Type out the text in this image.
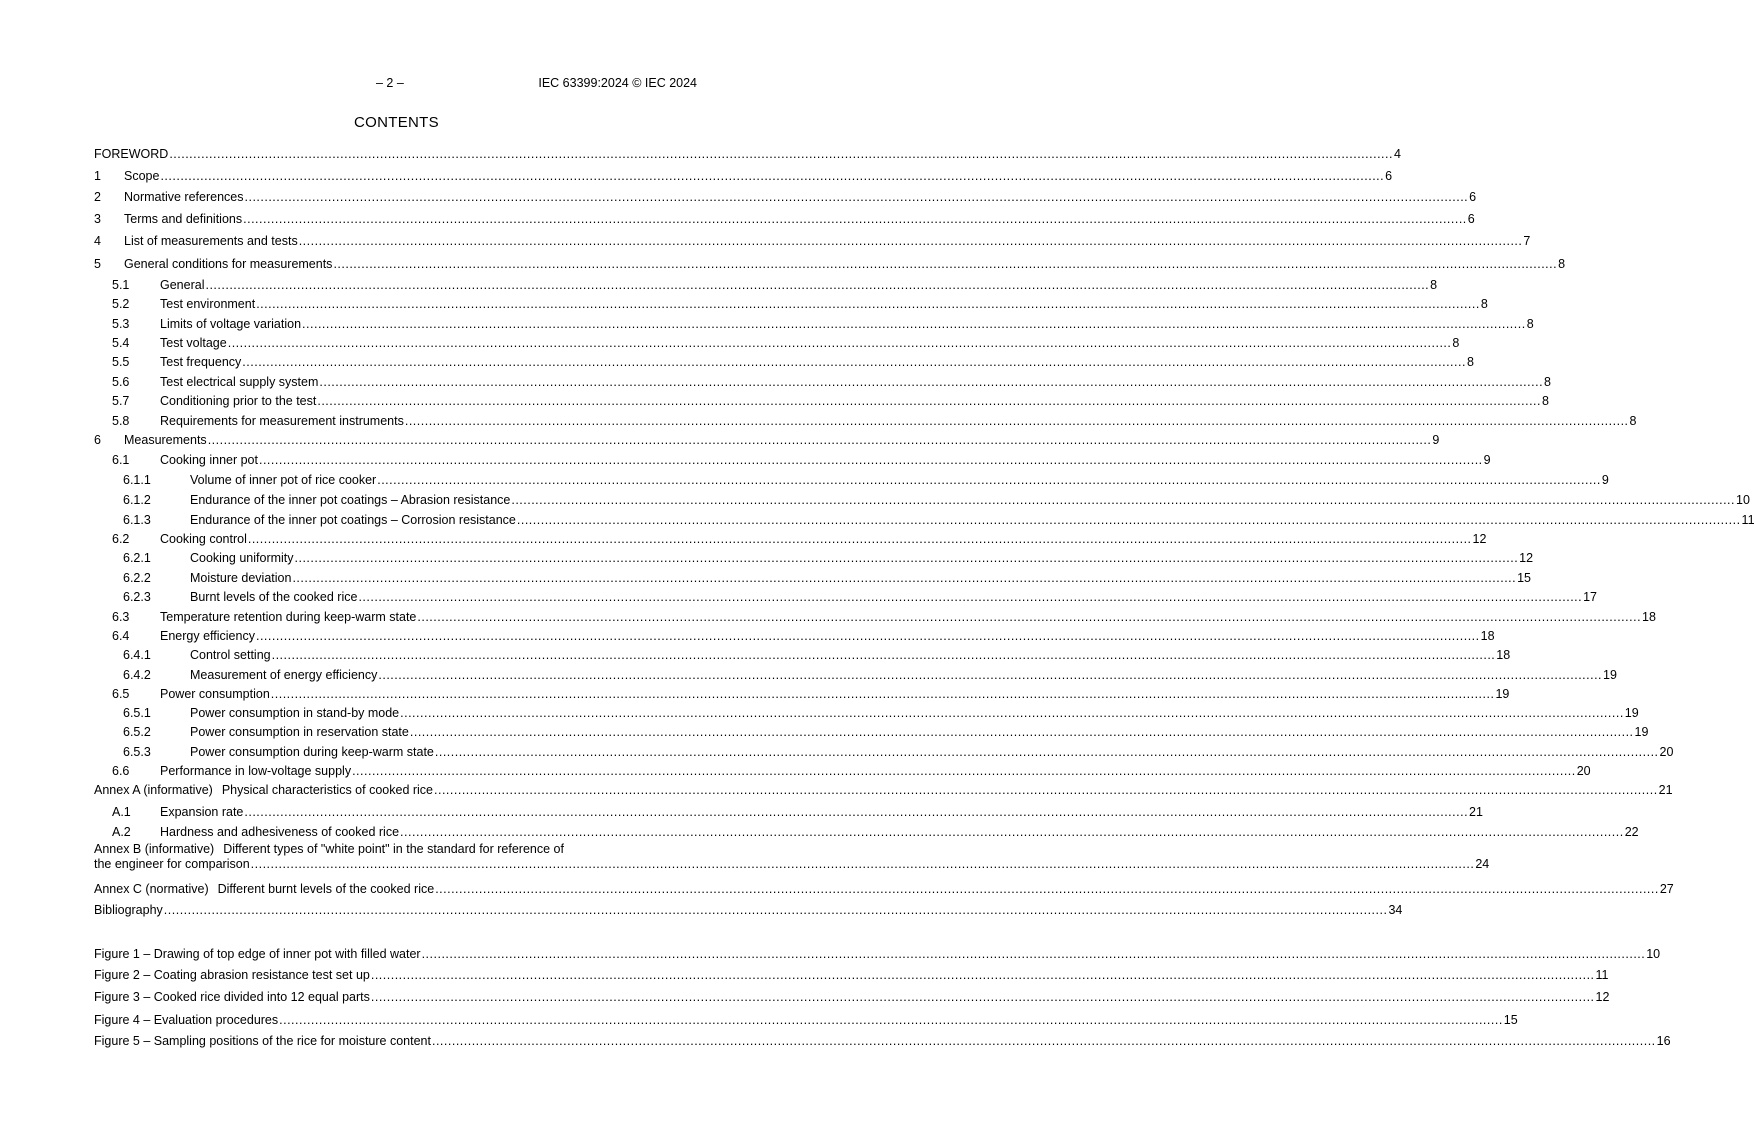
– 2 –	IEC 63399:2024 © IEC 2024
CONTENTS
FOREWORD .....	4
1	Scope .....	6
2	Normative references .....	6
3	Terms and definitions .....	6
4	List of measurements and tests .....	7
5	General conditions for measurements .....	8
5.1	General .....	8
5.2	Test environment .....	8
5.3	Limits of voltage variation .....	8
5.4	Test voltage .....	8
5.5	Test frequency .....	8
5.6	Test electrical supply system .....	8
5.7	Conditioning prior to the test .....	8
5.8	Requirements for measurement instruments .....	8
6	Measurements .....	9
6.1	Cooking inner pot .....	9
6.1.1	Volume of inner pot of rice cooker .....	9
6.1.2	Endurance of the inner pot coatings – Abrasion resistance .....	10
6.1.3	Endurance of the inner pot coatings – Corrosion resistance .....	11
6.2	Cooking control .....	12
6.2.1	Cooking uniformity .....	12
6.2.2	Moisture deviation .....	15
6.2.3	Burnt levels of the cooked rice .....	17
6.3	Temperature retention during keep-warm state .....	18
6.4	Energy efficiency .....	18
6.4.1	Control setting .....	18
6.4.2	Measurement of energy efficiency .....	19
6.5	Power consumption .....	19
6.5.1	Power consumption in stand-by mode .....	19
6.5.2	Power consumption in reservation state .....	19
6.5.3	Power consumption during keep-warm state .....	20
6.6	Performance in low-voltage supply .....	20
Annex A (informative) Physical characteristics of cooked rice .....	21
A.1	Expansion rate .....	21
A.2	Hardness and adhesiveness of cooked rice .....	22
Annex B (informative) Different types of "white point" in the standard for reference of
the engineer for comparison .....	24
Annex C (normative) Different burnt levels of the cooked rice .....	27
Bibliography .....	34
Figure 1 – Drawing of top edge of inner pot with filled water .....	10
Figure 2 – Coating abrasion resistance test set up .....	11
Figure 3 – Cooked rice divided into 12 equal parts .....	12
Figure 4 – Evaluation procedures .....	15
Figure 5 – Sampling positions of the rice for moisture content .....	16
